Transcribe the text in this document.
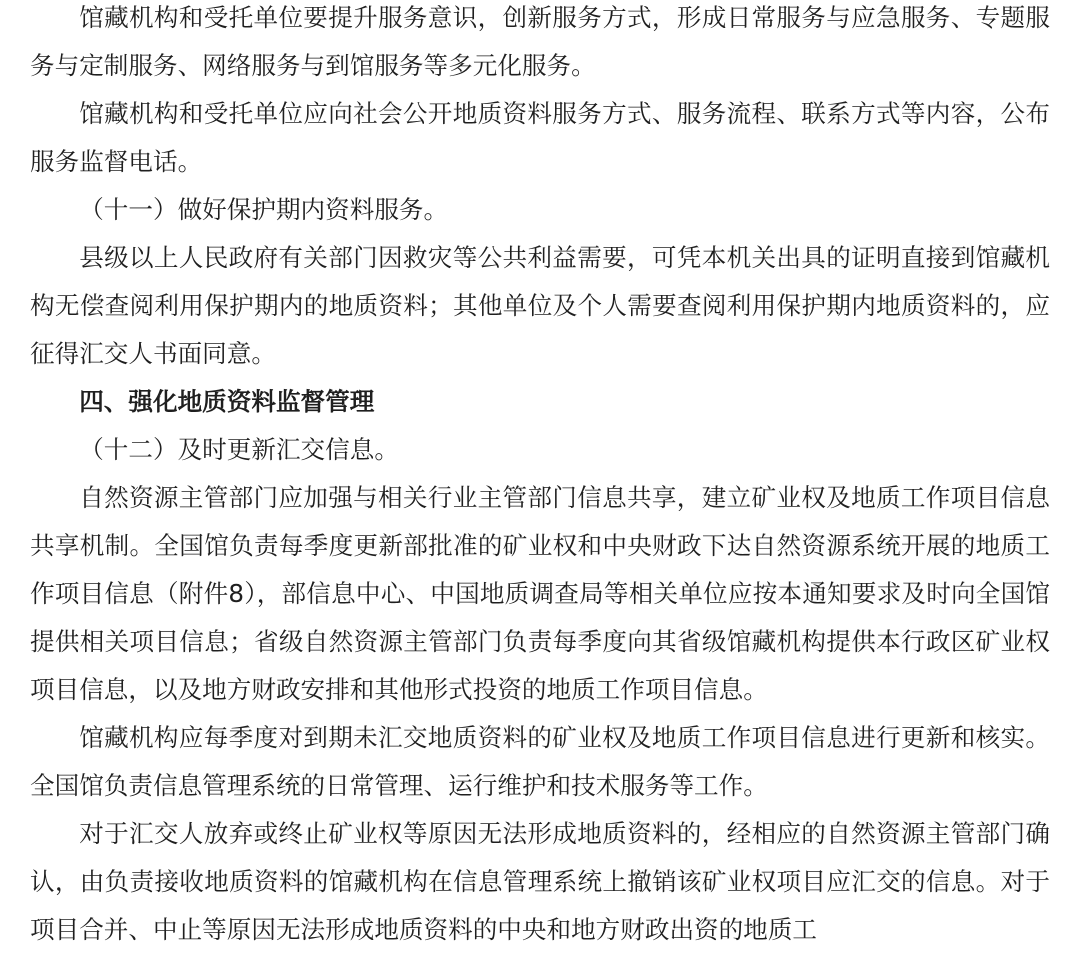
馆藏机构和受托单位要提升服务意识，创新服务方式，形成日常服务与应急服务、专题服务与定制服务、网络服务与到馆服务等多元化服务。

馆藏机构和受托单位应向社会公开地质资料服务方式、服务流程、联系方式等内容，公布服务监督电话。

（十一）做好保护期内资料服务。

县级以上人民政府有关部门因救灾等公共利益需要，可凭本机关出具的证明直接到馆藏机构无偿查阅利用保护期内的地质资料；其他单位及个人需要查阅利用保护期内地质资料的，应征得汇交人书面同意。

四、强化地质资料监督管理

（十二）及时更新汇交信息。

自然资源主管部门应加强与相关行业主管部门信息共享，建立矿业权及地质工作项目信息共享机制。全国馆负责每季度更新部批准的矿业权和中央财政下达自然资源系统开展的地质工作项目信息（附件8），部信息中心、中国地质调查局等相关单位应按本通知要求及时向全国馆提供相关项目信息；省级自然资源主管部门负责每季度向其省级馆藏机构提供本行政区矿业权项目信息，以及地方财政安排和其他形式投资的地质工作项目信息。

馆藏机构应每季度对到期未汇交地质资料的矿业权及地质工作项目信息进行更新和核实。全国馆负责信息管理系统的日常管理、运行维护和技术服务等工作。

对于汇交人放弃或终止矿业权等原因无法形成地质资料的，经相应的自然资源主管部门确认，由负责接收地质资料的馆藏机构在信息管理系统上撤销该矿业权项目应汇交的信息。对于项目合并、中止等原因无法形成地质资料的中央和地方财政出资的地质工
